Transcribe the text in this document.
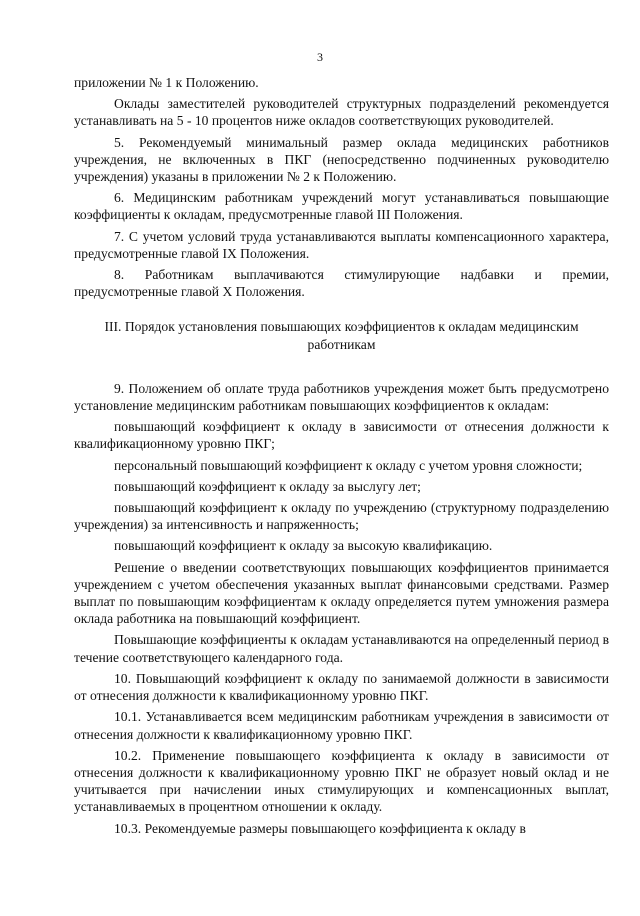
3

приложении № 1 к Положению.

Оклады заместителей руководителей структурных подразделений рекомендуется устанавливать на 5 - 10 процентов ниже окладов соответствующих руководителей.

5. Рекомендуемый минимальный размер оклада медицинских работников учреждения, не включенных в ПКГ (непосредственно подчиненных руководителю учреждения) указаны в приложении № 2 к Положению.

6. Медицинским работникам учреждений могут устанавливаться повышающие коэффициенты к окладам, предусмотренные главой III Положения.

7. С учетом условий труда устанавливаются выплаты компенсационного характера, предусмотренные главой IX Положения.

8. Работникам выплачиваются стимулирующие надбавки и премии, предусмотренные главой X Положения.

III. Порядок установления повышающих коэффициентов к окладам медицинским работникам

9. Положением об оплате труда работников учреждения может быть предусмотрено установление медицинским работникам повышающих коэффициентов к окладам:

повышающий коэффициент к окладу в зависимости от отнесения должности к квалификационному уровню ПКГ;

персональный повышающий коэффициент к окладу с учетом уровня сложности;

повышающий коэффициент к окладу за выслугу лет;

повышающий коэффициент к окладу по учреждению (структурному подразделению учреждения) за интенсивность и напряженность;

повышающий коэффициент к окладу за высокую квалификацию.

Решение о введении соответствующих повышающих коэффициентов принимается учреждением с учетом обеспечения указанных выплат финансовыми средствами. Размер выплат по повышающим коэффициентам к окладу определяется путем умножения размера оклада работника на повышающий коэффициент.

Повышающие коэффициенты к окладам устанавливаются на определенный период в течение соответствующего календарного года.

10. Повышающий коэффициент к окладу по занимаемой должности в зависимости от отнесения должности к квалификационному уровню ПКГ.

10.1. Устанавливается всем медицинским работникам учреждения в зависимости от отнесения должности к квалификационному уровню ПКГ.

10.2. Применение повышающего коэффициента к окладу в зависимости от отнесения должности к квалификационному уровню ПКГ не образует новый оклад и не учитывается при начислении иных стимулирующих и компенсационных выплат, устанавливаемых в процентном отношении к окладу.

10.3. Рекомендуемые размеры повышающего коэффициента к окладу в
